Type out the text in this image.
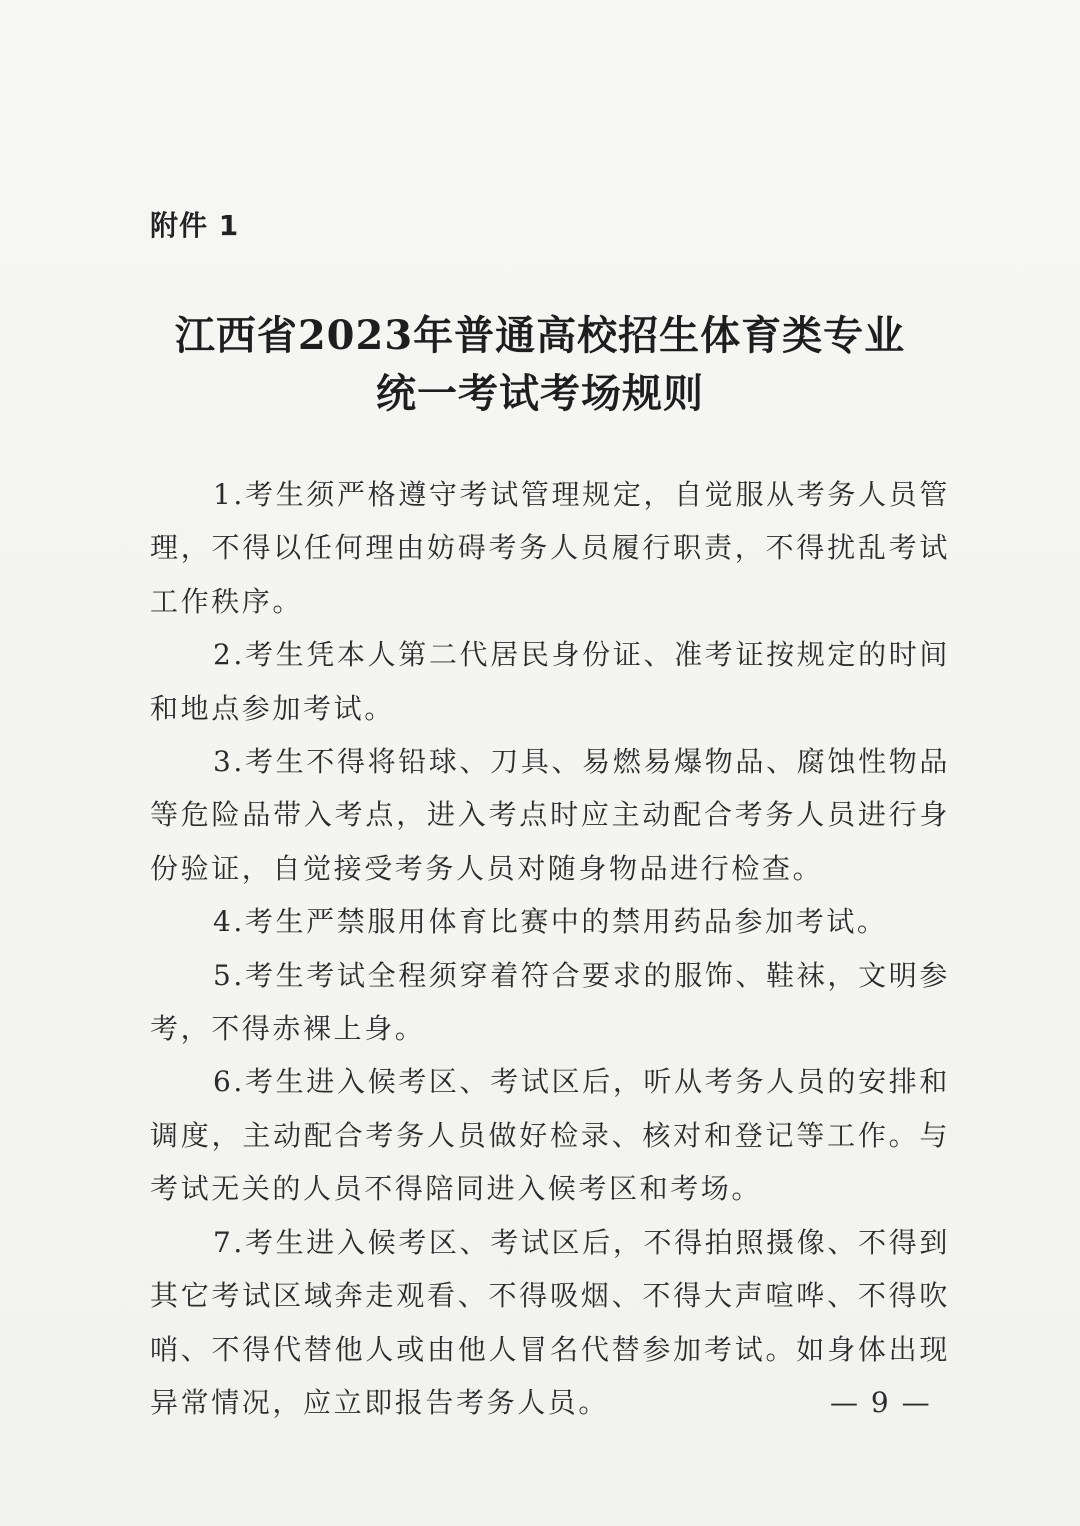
附件 1
江西省2023年普通高校招生体育类专业
统一考试考场规则

1.考生须严格遵守考试管理规定，自觉服从考务人员管理，不得以任何理由妨碍考务人员履行职责，不得扰乱考试工作秩序。

2.考生凭本人第二代居民身份证、准考证按规定的时间和地点参加考试。

3.考生不得将铅球、刀具、易燃易爆物品、腐蚀性物品等危险品带入考点，进入考点时应主动配合考务人员进行身份验证，自觉接受考务人员对随身物品进行检查。

4.考生严禁服用体育比赛中的禁用药品参加考试。

5.考生考试全程须穿着符合要求的服饰、鞋袜，文明参考，不得赤裸上身。

6.考生进入候考区、考试区后，听从考务人员的安排和调度，主动配合考务人员做好检录、核对和登记等工作。与考试无关的人员不得陪同进入候考区和考场。

7.考生进入候考区、考试区后，不得拍照摄像、不得到其它考试区域奔走观看、不得吸烟、不得大声喧哗、不得吹哨、不得代替他人或由他人冒名代替参加考试。如身体出现异常情况，应立即报告考务人员。	— 9 —
